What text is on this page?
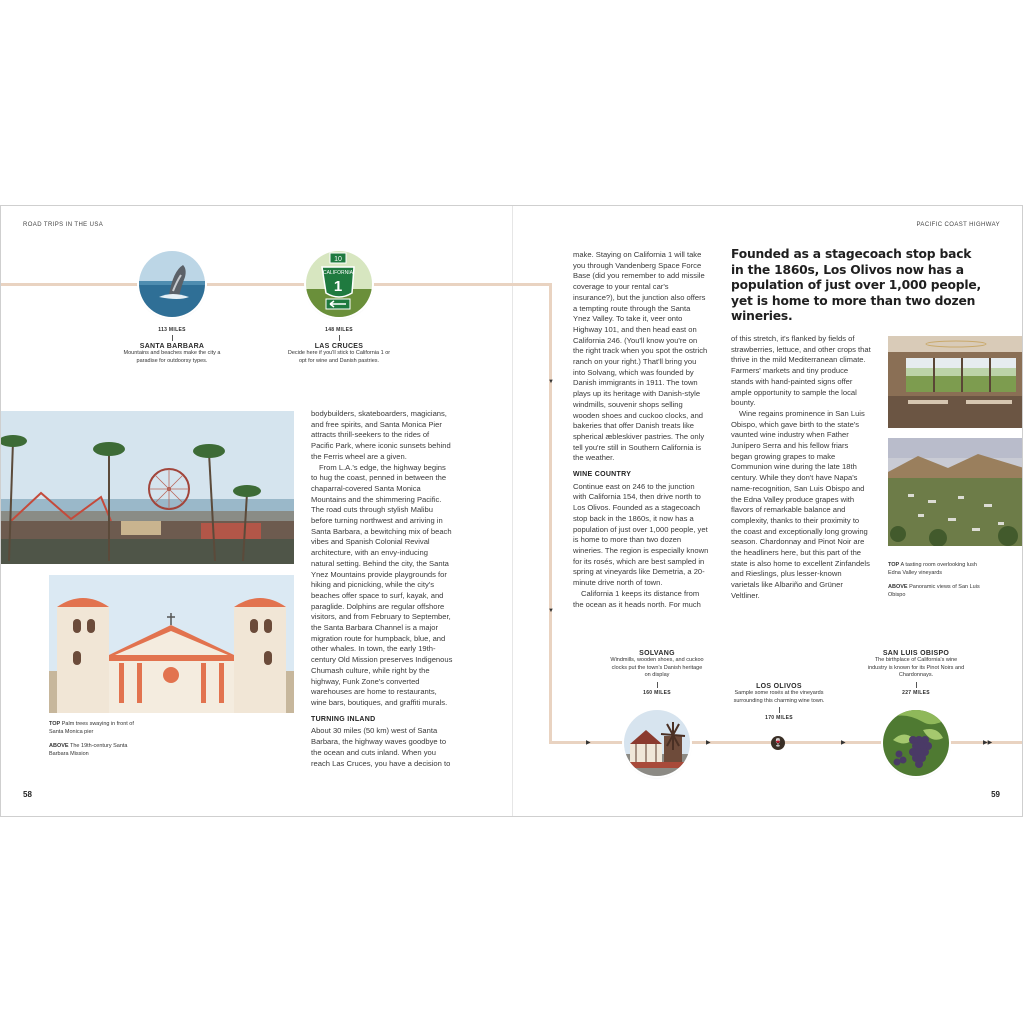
ROAD TRIPS IN THE USA	PACIFIC COAST HIGHWAY
▼
▼
▶	▶	▶	▶▶
113 MILES
SANTA BARBARA
Mountains and beaches make the city a paradise for outdoorsy types.
10
CALIFORNIA
1
148 MILES
LAS CRUCES
Decide here if you'll stick to California 1 or opt for wine and Danish pastries.
TOP Palm trees swaying in front of Santa Monica pier
ABOVE The 19th-century Santa Barbara Mission

bodybuilders, skateboarders, magicians, and free spirits, and Santa Monica Pier attracts thrill-seekers to the rides of Pacific Park, where iconic sunsets behind the Ferris wheel are a given.

From L.A.'s edge, the highway begins to hug the coast, penned in between the chaparral-covered Santa Monica Mountains and the shimmering Pacific. The road cuts through stylish Malibu before turning northwest and arriving in Santa Barbara, a bewitching mix of beach vibes and Spanish Colonial Revival architecture, with an envy-inducing natural setting. Behind the city, the Santa Ynez Mountains provide playgrounds for hiking and picnicking, while the city's beaches offer space to surf, kayak, and paraglide. Dolphins are regular offshore visitors, and from February to September, the Santa Barbara Channel is a major migration route for humpback, blue, and other whales. In town, the early 19th-century Old Mission preserves Indigenous Chumash culture, while right by the highway, Funk Zone's converted warehouses are home to restaurants, wine bars, boutiques, and graffiti murals.

TURNING INLAND

About 30 miles (50 km) west of Santa Barbara, the highway waves goodbye to the ocean and cuts inland. When you reach Las Cruces, you have a decision to

make. Staying on California 1 will take you through Vandenberg Space Force Base (did you remember to add missile coverage to your rental car's insurance?), but the junction also offers a tempting route through the Santa Ynez Valley. To take it, veer onto Highway 101, and then head east on California 246. (You'll know you're on the right track when you spot the ostrich ranch on your right.) That'll bring you into Solvang, which was founded by Danish immigrants in 1911. The town plays up its heritage with Danish-style windmills, souvenir shops selling wooden shoes and cuckoo clocks, and bakeries that offer Danish treats like spherical æbleskiver pastries. The only tell you're still in Southern California is the weather.

WINE COUNTRY

Continue east on 246 to the junction with California 154, then drive north to Los Olivos. Founded as a stagecoach stop back in the 1860s, it now has a population of just over 1,000 people, yet is home to more than two dozen wineries. The region is especially known for its rosés, which are best sampled in spring at vineyards like Demetria, a 20-minute drive north of town.

California 1 keeps its distance from the ocean as it heads north. For much

Founded as a stagecoach stop back in the 1860s, Los Olivos now has a population of just over 1,000 people, yet is home to more than two dozen wineries.

of this stretch, it's flanked by fields of strawberries, lettuce, and other crops that thrive in the mild Mediterranean climate. Farmers' markets and tiny produce stands with hand-painted signs offer ample opportunity to sample the local bounty.

Wine regains prominence in San Luis Obispo, which gave birth to the state's vaunted wine industry when Father Junípero Serra and his fellow friars began growing grapes to make Communion wine during the late 18th century. While they don't have Napa's name-recognition, San Luis Obispo and the Edna Valley produce grapes with flavors of remarkable balance and complexity, thanks to their proximity to the coast and exceptionally long growing season. Chardonnay and Pinot Noir are the headliners here, but this part of the state is also home to excellent Zinfandels and Rieslings, plus lesser-known varietals like Albariño and Grüner Veltliner.

TOP A tasting room overlooking lush Edna Valley vineyards
ABOVE Panoramic views of San Luis Obispo
SOLVANG
Windmills, wooden shoes, and cuckoo clocks put the town's Danish heritage on display
160 MILES
LOS OLIVOS
Sample some rosés at the vineyards surrounding this charming wine town.
170 MILES
🍷
SAN LUIS OBISPO
The birthplace of California's wine industry is known for its Pinot Noirs and Chardonnays.
227 MILES
58	59
